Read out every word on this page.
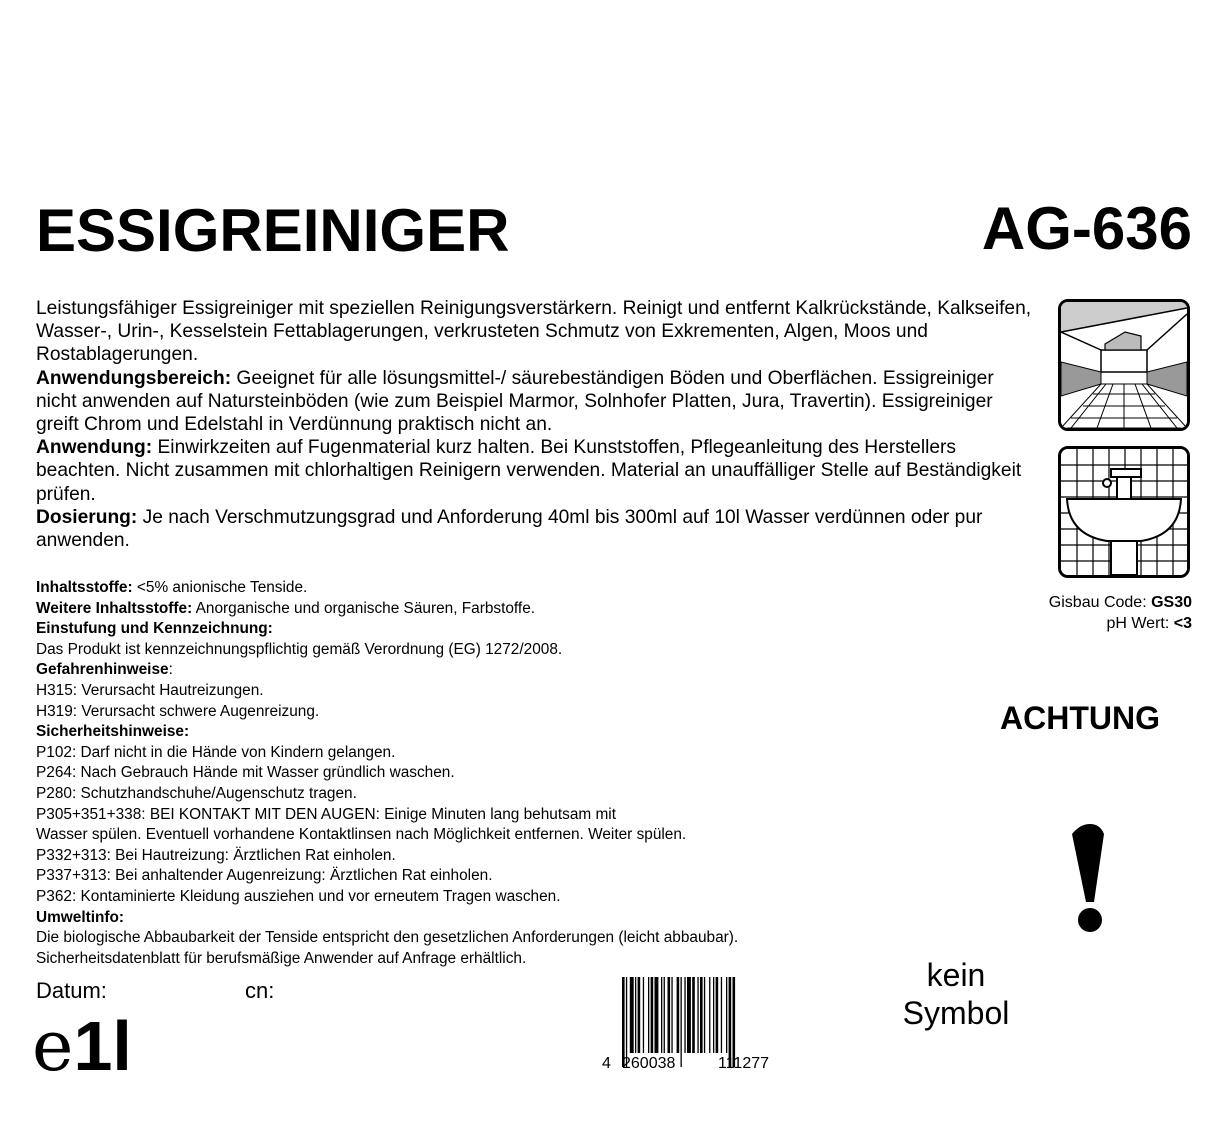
ESSIGREINIGER	AG-636

Leistungsfähiger Essigreiniger mit speziellen Reinigungsverstärkern. Reinigt und entfernt Kalkrückstände, Kalkseifen, Wasser-, Urin-, Kesselstein Fettablagerungen, verkrusteten Schmutz von Exkrementen, Algen, Moos und Rostablagerungen.

Anwendungsbereich: Geeignet für alle lösungsmittel-/ säurebeständigen Böden und Oberflächen. Essigreiniger nicht anwenden auf Natursteinböden (wie zum Beispiel Marmor, Solnhofer Platten, Jura, Travertin). Essigreiniger greift Chrom und Edelstahl in Verdünnung praktisch nicht an.

Anwendung: Einwirkzeiten auf Fugenmaterial kurz halten. Bei Kunststoffen, Pflegeanleitung des Herstellers beachten. Nicht zusammen mit chlorhaltigen Reinigern verwenden. Material an unauffälliger Stelle auf Beständigkeit prüfen.

Dosierung: Je nach Verschmutzungsgrad und Anforderung 40ml bis 300ml auf 10l Wasser verdünnen oder pur anwenden.

Gisbau Code: GS30
pH Wert: <3
ACHTUNG
kein
Symbol
Inhaltsstoffe: <5% anionische Tenside.
Weitere Inhaltsstoffe: Anorganische und organische Säuren, Farbstoffe.
Einstufung und Kennzeichnung:
Das Produkt ist kennzeichnungspflichtig gemäß Verordnung (EG) 1272/2008.
Gefahrenhinweise:
H315: Verursacht Hautreizungen.
H319: Verursacht schwere Augenreizung.
Sicherheitshinweise:
P102: Darf nicht in die Hände von Kindern gelangen.
P264: Nach Gebrauch Hände mit Wasser gründlich waschen.
P280: Schutzhandschuhe/Augenschutz tragen.
P305+351+338: BEI KONTAKT MIT DEN AUGEN: Einige Minuten lang behutsam mit
Wasser spülen. Eventuell vorhandene Kontaktlinsen nach Möglichkeit entfernen. Weiter spülen.
P332+313: Bei Hautreizung: Ärztlichen Rat einholen.
P337+313: Bei anhaltender Augenreizung: Ärztlichen Rat einholen.
P362: Kontaminierte Kleidung ausziehen und vor erneutem Tragen waschen.
Umweltinfo:
Die biologische Abbaubarkeit der Tenside entspricht den gesetzlichen Anforderungen (leicht abbaubar).
Sicherheitsdatenblatt für berufsmäßige Anwender auf Anfrage erhältlich.
Datum:	cn:
e1l	4 260038	111277
